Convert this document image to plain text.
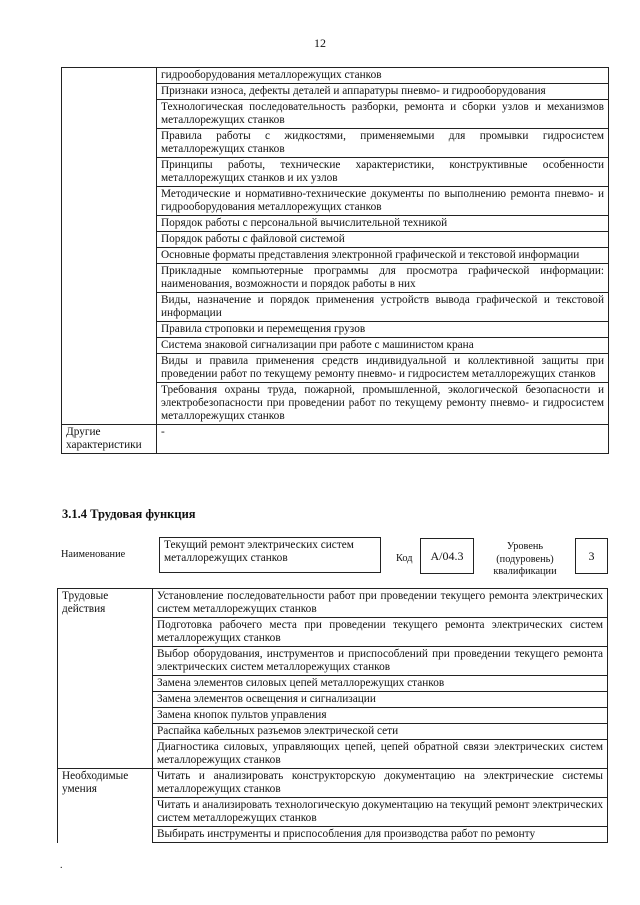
12
	гидрооборудования металлорежущих станков
	Признаки износа, дефекты деталей и аппаратуры пневмо- и гидрооборудования
	Технологическая последовательность разборки, ремонта и сборки узлов и механизмов металлорежущих станков
	Правила работы с жидкостями, применяемыми для промывки гидросистем металлорежущих станков
	Принципы работы, технические характеристики, конструктивные особенности металлорежущих станков и их узлов
	Методические и нормативно-технические документы по выполнению ремонта пневмо- и гидрооборудования металлорежущих станков
	Порядок работы с персональной вычислительной техникой
	Порядок работы с файловой системой
	Основные форматы представления электронной графической и текстовой информации
	Прикладные компьютерные программы для просмотра графической информации: наименования, возможности и порядок работы в них
	Виды, назначение и порядок применения устройств вывода графической и текстовой информации
	Правила строповки и перемещения грузов
	Система знаковой сигнализации при работе с машинистом крана
	Виды и правила применения средств индивидуальной и коллективной защиты при проведении работ по текущему ремонту пневмо- и гидросистем металлорежущих станков
	Требования охраны труда, пожарной, промышленной, экологической безопасности и электробезопасности при проведении работ по текущему ремонту пневмо- и гидросистем металлорежущих станков
Другие характеристики	-
3.1.4 Трудовая функция
Наименование
Текущий ремонт электрических систем металлорежущих станков	Код	А/04.3
Уровень (подуровень) квалификации
3
Трудовые действия	Установление последовательности работ при проведении текущего ремонта электрических систем металлорежущих станков
	Подготовка рабочего места при проведении текущего ремонта электрических систем металлорежущих станков
	Выбор оборудования, инструментов и приспособлений при проведении текущего ремонта электрических систем металлорежущих станков
	Замена элементов силовых цепей металлорежущих станков
	Замена элементов освещения и сигнализации
	Замена кнопок пультов управления
	Распайка кабельных разъемов электрической сети
	Диагностика силовых, управляющих цепей, цепей обратной связи электрических систем металлорежущих станков
Необходимые умения	Читать и анализировать конструкторскую документацию на электрические системы металлорежущих станков
	Читать и анализировать технологическую документацию на текущий ремонт электрических систем металлорежущих станков
	Выбирать инструменты и приспособления для производства работ по ремонту
.
